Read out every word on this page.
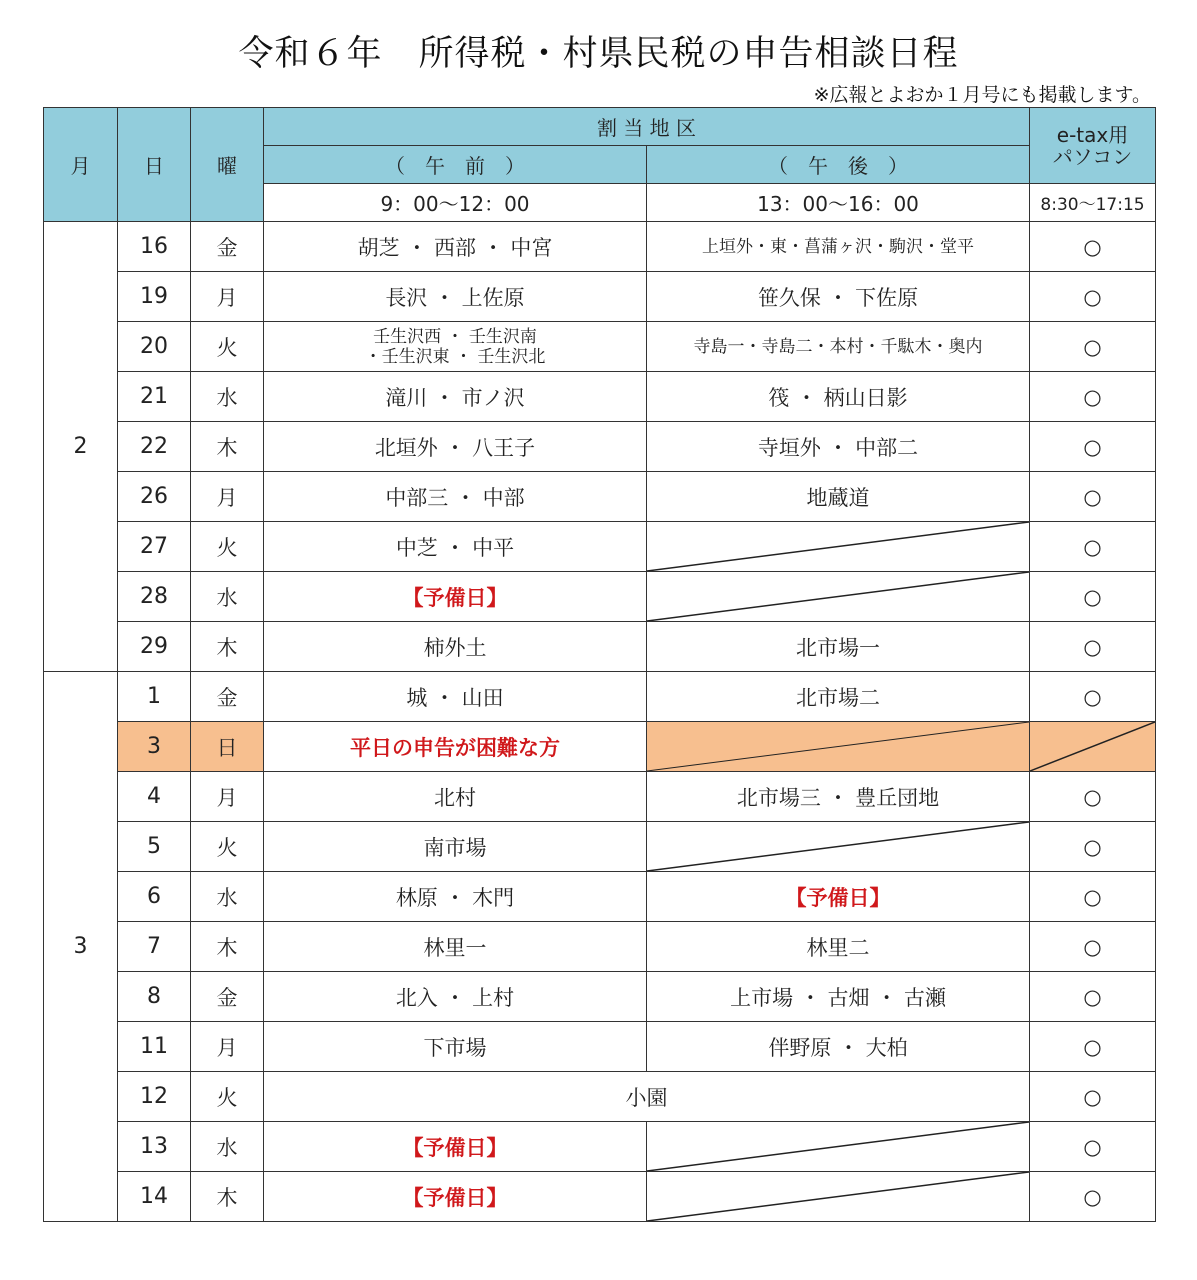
令和６年　所得税・村県民税の申告相談日程
※広報とよおか１月号にも掲載します。
月	日	曜	割 当 地 区		e-tax用
パソコン
			（　午　前　）	（　午　後　）	
			9：00～12：00	13：00～16：00	8:30～17:15
2	16	金	胡芝 ・ 西部 ・ 中宮	上垣外・東・菖蒲ヶ沢・駒沢・堂平	○
	19	月	長沢 ・ 上佐原	笹久保 ・ 下佐原	○
	20	火	壬生沢西 ・ 壬生沢南
・壬生沢東 ・ 壬生沢北	寺島一・寺島二・本村・千駄木・奥内	○
	21	水	滝川 ・ 市ノ沢	筏 ・ 柄山日影	○
	22	木	北垣外 ・ 八王子	寺垣外 ・ 中部二	○
	26	月	中部三 ・ 中部	地蔵道	○
	27	火	中芝 ・ 中平		○
	28	水	【予備日】		○
	29	木	柿外土	北市場一	○
3	1	金	城 ・ 山田	北市場二	○
	3	日	平日の申告が困難な方	

	4	月	北村	北市場三 ・ 豊丘団地	○
	5	火	南市場		○
	6	水	林原 ・ 木門	【予備日】	○
	7	木	林里一	林里二	○
	8	金	北入 ・ 上村	上市場 ・ 古畑 ・ 古瀬	○
	11	月	下市場	伴野原 ・ 大柏	○
	12	火	小園		○
	13	水	【予備日】		○
	14	木	【予備日】		○
